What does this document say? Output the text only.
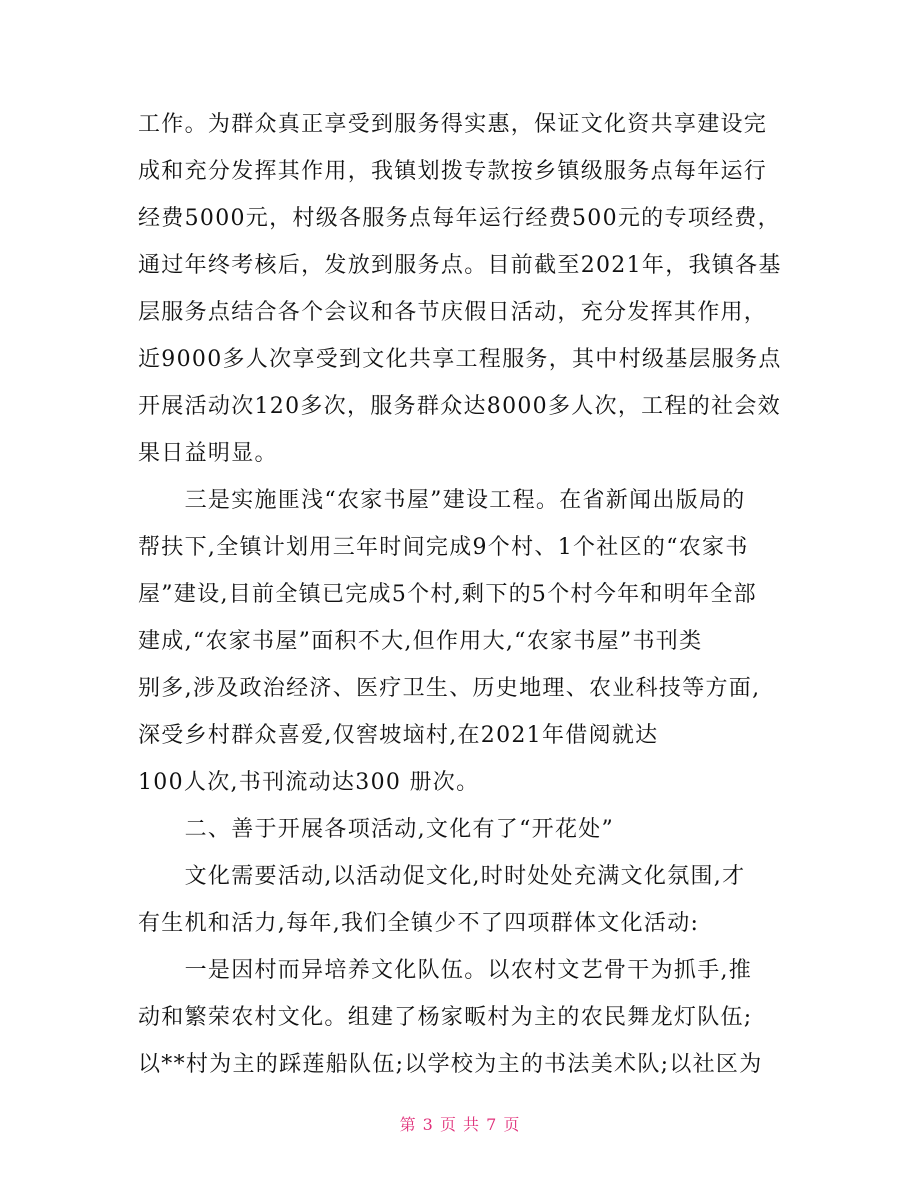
工作。为群众真正享受到服务得实惠，保证文化资共享建设完
成和充分发挥其作用，我镇划拨专款按乡镇级服务点每年运行
经费5000元，村级各服务点每年运行经费500元的专项经费，
通过年终考核后，发放到服务点。目前截至2021年，我镇各基
层服务点结合各个会议和各节庆假日活动，充分发挥其作用，
近9000多人次享受到文化共享工程服务，其中村级基层服务点
开展活动次120多次，服务群众达8000多人次，工程的社会效
果日益明显。
　　三是实施匪浅“农家书屋”建设工程。在省新闻出版局的
帮扶下,全镇计划用三年时间完成9个村、1个社区的“农家书
屋”建设,目前全镇已完成5个村,剩下的5个村今年和明年全部
建成,“农家书屋”面积不大,但作用大,“农家书屋”书刊类
别多,涉及政治经济、医疗卫生、历史地理、农业科技等方面,
深受乡村群众喜爱,仅窖坡垴村,在2021年借阅就达
100人次,书刊流动达300 册次。
　　二、善于开展各项活动,文化有了“开花处”
　　文化需要活动,以活动促文化,时时处处充满文化氛围,才
有生机和活力,每年,我们全镇少不了四项群体文化活动:
　　一是因村而异培养文化队伍。以农村文艺骨干为抓手,推
动和繁荣农村文化。组建了杨家畈村为主的农民舞龙灯队伍;
以**村为主的踩莲船队伍;以学校为主的书法美术队;以社区为
第 3 页 共 7 页
